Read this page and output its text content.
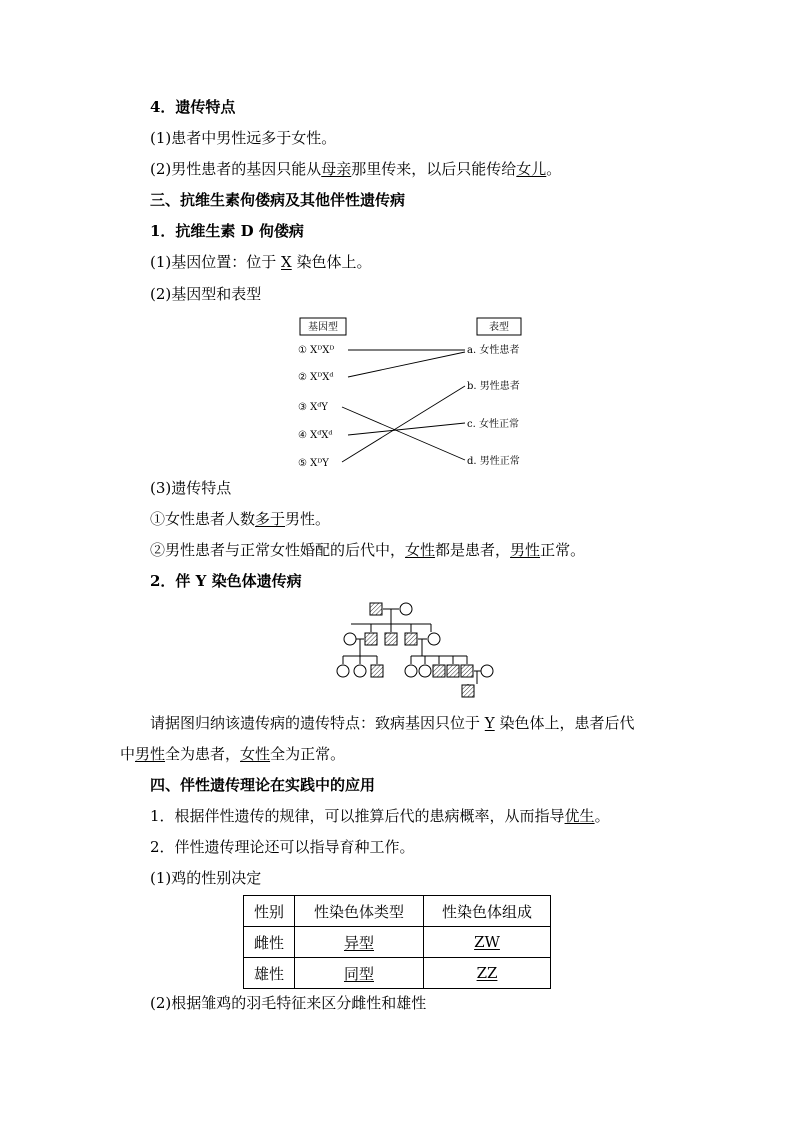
4．遗传特点
(1)患者中男性远多于女性。
(2)男性患者的基因只能从母亲那里传来，以后只能传给女儿。
三、抗维生素佝偻病及其他伴性遗传病
1．抗维生素 D 佝偻病
(1)基因位置：位于 X 染色体上。
(2)基因型和表型
基因型	表型
① XᴰXᴰ
② XᴰXᵈ
③ XᵈY
④ XᵈXᵈ
⑤ XᴰY
a. 女性患者
b. 男性患者
c. 女性正常
d. 男性正常
(3)遗传特点
①女性患者人数多于男性。
②男性患者与正常女性婚配的后代中，女性都是患者，男性正常。
2．伴 Y 染色体遗传病
请据图归纳该遗传病的遗传特点：致病基因只位于 Y 染色体上，患者后代
中男性全为患者，女性全为正常。
四、伴性遗传理论在实践中的应用
1．根据伴性遗传的规律，可以推算后代的患病概率，从而指导优生。
2．伴性遗传理论还可以指导育种工作。
(1)鸡的性别决定
性别	性染色体类型	性染色体组成
雌性	异型	ZW
雄性	同型	ZZ
(2)根据雏鸡的羽毛特征来区分雌性和雄性
